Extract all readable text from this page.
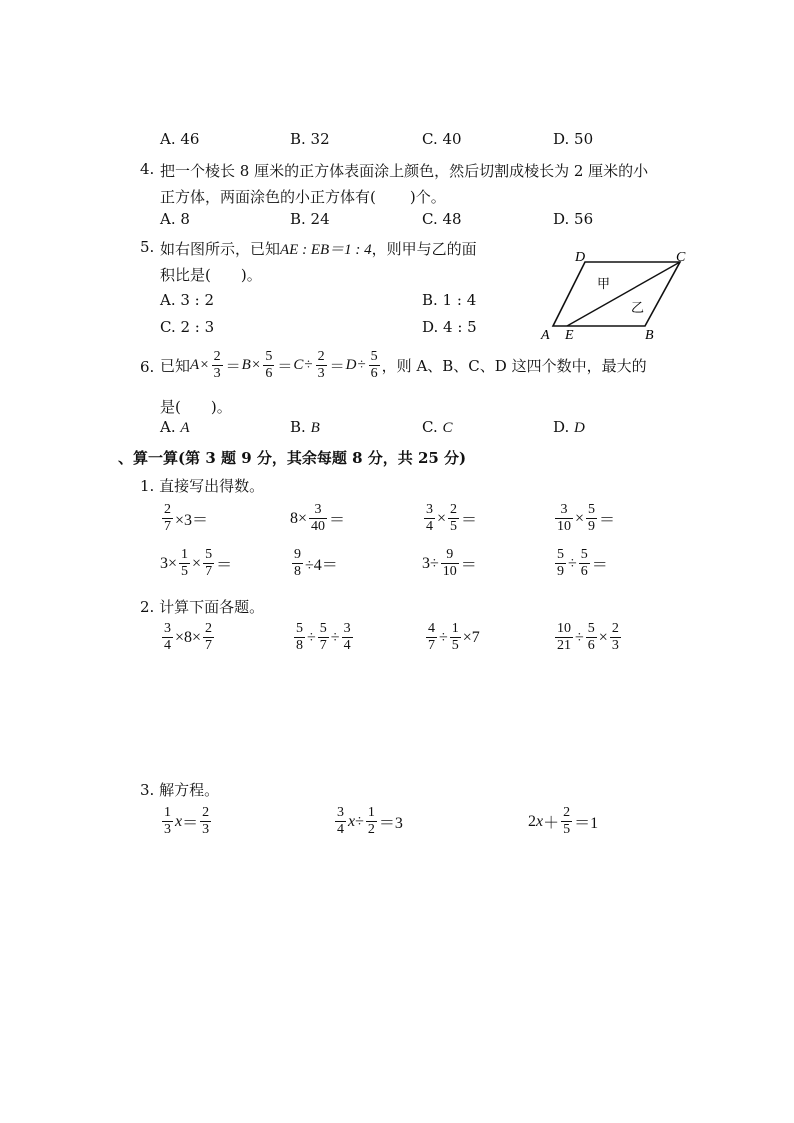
A. 46	B. 32	C. 40	D. 50
4. 把一个棱长 8 厘米的正方体表面涂上颜色，然后切割成棱长为 2 厘米的小
正方体，两面涂色的小正方体有( )个。
A. 8	B. 24	C. 48	D. 56
5. 如右图所示，已知AE : EB＝1 : 4，则甲与乙的面
积比是(　　)。
A. 3 : 2	B. 1 : 4
C. 2 : 3	D. 4 : 5
D	C
A E	B
甲
乙
6. 已知 $A \times \frac{2}{3} = B \times \frac{5}{6} = C \div \frac{2}{3} = D \div \frac{5}{6}$ ，则 A、B、C、D 这四个数中，最大的
是(　　)。
A. A	B. B	C. C	D. D
、算一算(第 3 题 9 分，其余每题 8 分，共 25 分)
1. 直接写出得数。
$\frac{2}{7} \times 3=$	$8\times \frac{3}{40}$ ＝	$\frac{3}{4} \times \frac{2}{5}$ ＝	$\frac{3}{10} \times \frac{5}{9}$ ＝
$3\times \frac{1}{5} \times \frac{5}{7}$ ＝	$\frac{9}{8} \div 4=$	$3\div \frac{9}{10}$ ＝	$\frac{5}{9} \div \frac{5}{6}$ ＝
2. 计算下面各题。
$\frac{3}{4} \times 8\times \frac{2}{7}$	$\frac{5}{8} \div \frac{5}{7} \div \frac{3}{4}$	$\frac{4}{7} \div \frac{1}{5} \times 7$	$\frac{10}{21} \div \frac{5}{6} \times \frac{2}{3}$
3. 解方程。
$\frac{1}{3}$ $x = \frac{2}{3}$	$\frac{3}{4}$ $x \div \frac{1}{2} =3$	2 $x + \frac{2}{5} =1$
